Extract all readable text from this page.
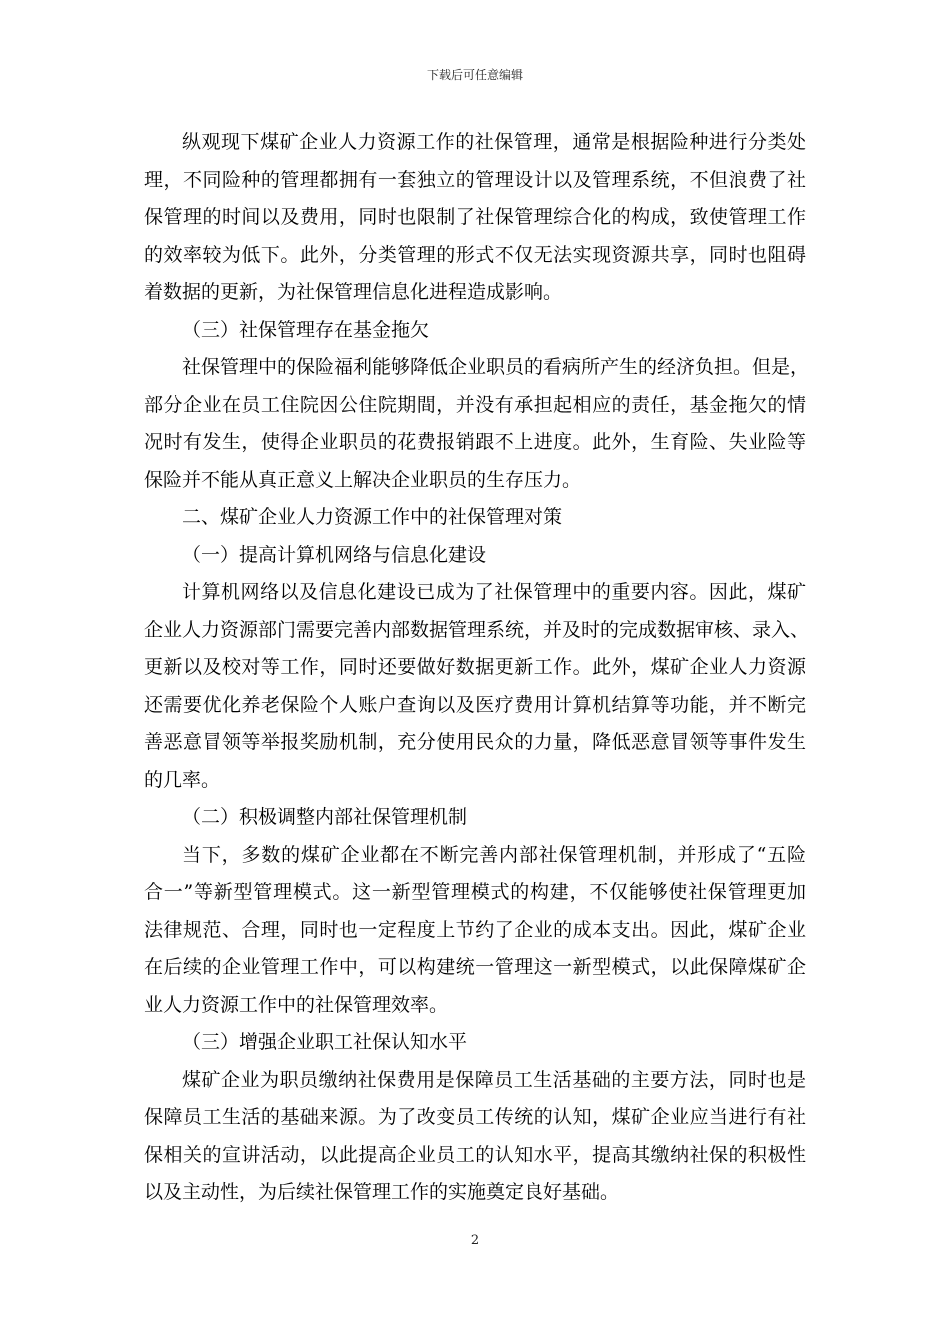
下载后可任意编辑
纵观现下煤矿企业人力资源工作的社保管理，通常是根据险种进行分类处
理，不同险种的管理都拥有一套独立的管理设计以及管理系统，不但浪费了社
保管理的时间以及费用，同时也限制了社保管理综合化的构成，致使管理工作
的效率较为低下。此外，分类管理的形式不仅无法实现资源共享，同时也阻碍
着数据的更新，为社保管理信息化进程造成影响。
（三）社保管理存在基金拖欠
社保管理中的保险福利能够降低企业职员的看病所产生的经济负担。但是，
部分企业在员工住院因公住院期間，并没有承担起相应的责任，基金拖欠的情
况时有发生，使得企业职员的花费报销跟不上进度。此外，生育险、失业险等
保险并不能从真正意义上解决企业职员的生存压力。
二、煤矿企业人力资源工作中的社保管理对策
（一）提高计算机网络与信息化建设
计算机网络以及信息化建设已成为了社保管理中的重要内容。因此，煤矿
企业人力资源部门需要完善内部数据管理系统，并及时的完成数据审核、录入、
更新以及校对等工作，同时还要做好数据更新工作。此外，煤矿企业人力资源
还需要优化养老保险个人账户查询以及医疗费用计算机结算等功能，并不断完
善恶意冒领等举报奖励机制，充分使用民众的力量，降低恶意冒领等事件发生
的几率。
（二）积极调整内部社保管理机制
当下，多数的煤矿企业都在不断完善内部社保管理机制，并形成了“五险
合一”等新型管理模式。这一新型管理模式的构建，不仅能够使社保管理更加
法律规范、合理，同时也一定程度上节约了企业的成本支出。因此，煤矿企业
在后续的企业管理工作中，可以构建统一管理这一新型模式，以此保障煤矿企
业人力资源工作中的社保管理效率。
（三）增强企业职工社保认知水平
煤矿企业为职员缴纳社保费用是保障员工生活基础的主要方法，同时也是
保障员工生活的基础来源。为了改变员工传统的认知，煤矿企业应当进行有社
保相关的宣讲活动，以此提高企业员工的认知水平，提高其缴纳社保的积极性
以及主动性，为后续社保管理工作的实施奠定良好基础。
2
